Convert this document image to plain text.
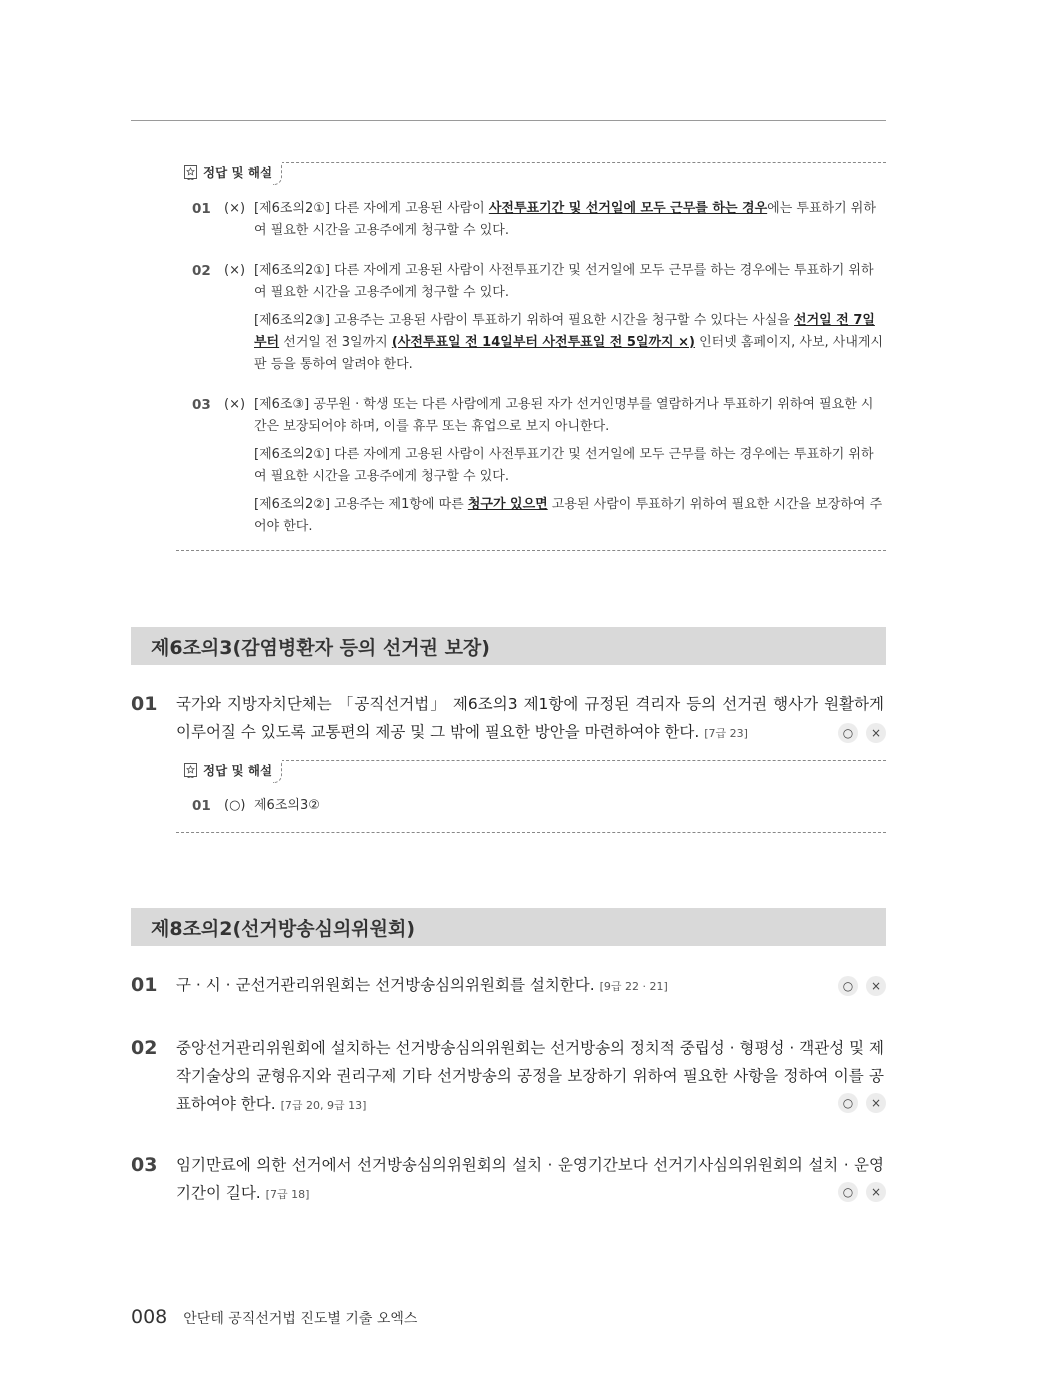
정답 및 해설
01 (×) [제6조의2①] 다른 자에게 고용된 사람이 사전투표기간 및 선거일에 모두 근무를 하는 경우에는 투표하기 위하여 필요한 시간을 고용주에게 청구할 수 있다.

02 (×) [제6조의2①] 다른 자에게 고용된 사람이 사전투표기간 및 선거일에 모두 근무를 하는 경우에는 투표하기 위하여 필요한 시간을 고용주에게 청구할 수 있다.

[제6조의2③] 고용주는 고용된 사람이 투표하기 위하여 필요한 시간을 청구할 수 있다는 사실을 선거일 전 7일부터 선거일 전 3일까지 (사전투표일 전 14일부터 사전투표일 전 5일까지 ×) 인터넷 홈페이지, 사보, 사내게시판 등을 통하여 알려야 한다.

03 (×) [제6조③] 공무원 · 학생 또는 다른 사람에게 고용된 자가 선거인명부를 열람하거나 투표하기 위하여 필요한 시간은 보장되어야 하며, 이를 휴무 또는 휴업으로 보지 아니한다.

[제6조의2①] 다른 자에게 고용된 사람이 사전투표기간 및 선거일에 모두 근무를 하는 경우에는 투표하기 위하여 필요한 시간을 고용주에게 청구할 수 있다.

[제6조의2②] 고용주는 제1항에 따른 청구가 있으면 고용된 사람이 투표하기 위하여 필요한 시간을 보장하여 주어야 한다.

제6조의3(감염병환자 등의 선거권 보장)
01 국가와 지방자치단체는 「공직선거법」 제6조의3 제1항에 규정된 격리자 등의 선거권 행사가 원활하게 이루어질 수 있도록 교통편의 제공 및 그 밖에 필요한 방안을 마련하여야 한다. [7급 23]	○	×
정답 및 해설
01 (○) 제6조의3②
제8조의2(선거방송심의위원회)
01 구 · 시 · 군선거관리위원회는 선거방송심의위원회를 설치한다. [9급 22 · 21]	○	×
02 중앙선거관리위원회에 설치하는 선거방송심의위원회는 선거방송의 정치적 중립성 · 형평성 · 객관성 및 제작기술상의 균형유지와 권리구제 기타 선거방송의 공정을 보장하기 위하여 필요한 사항을 정하여 이를 공표하여야 한다. [7급 20, 9급 13]	○	×
03 임기만료에 의한 선거에서 선거방송심의위원회의 설치 · 운영기간보다 선거기사심의위원회의 설치 · 운영기간이 길다. [7급 18]	○	×
008 안단테 공직선거법 진도별 기출 오엑스
